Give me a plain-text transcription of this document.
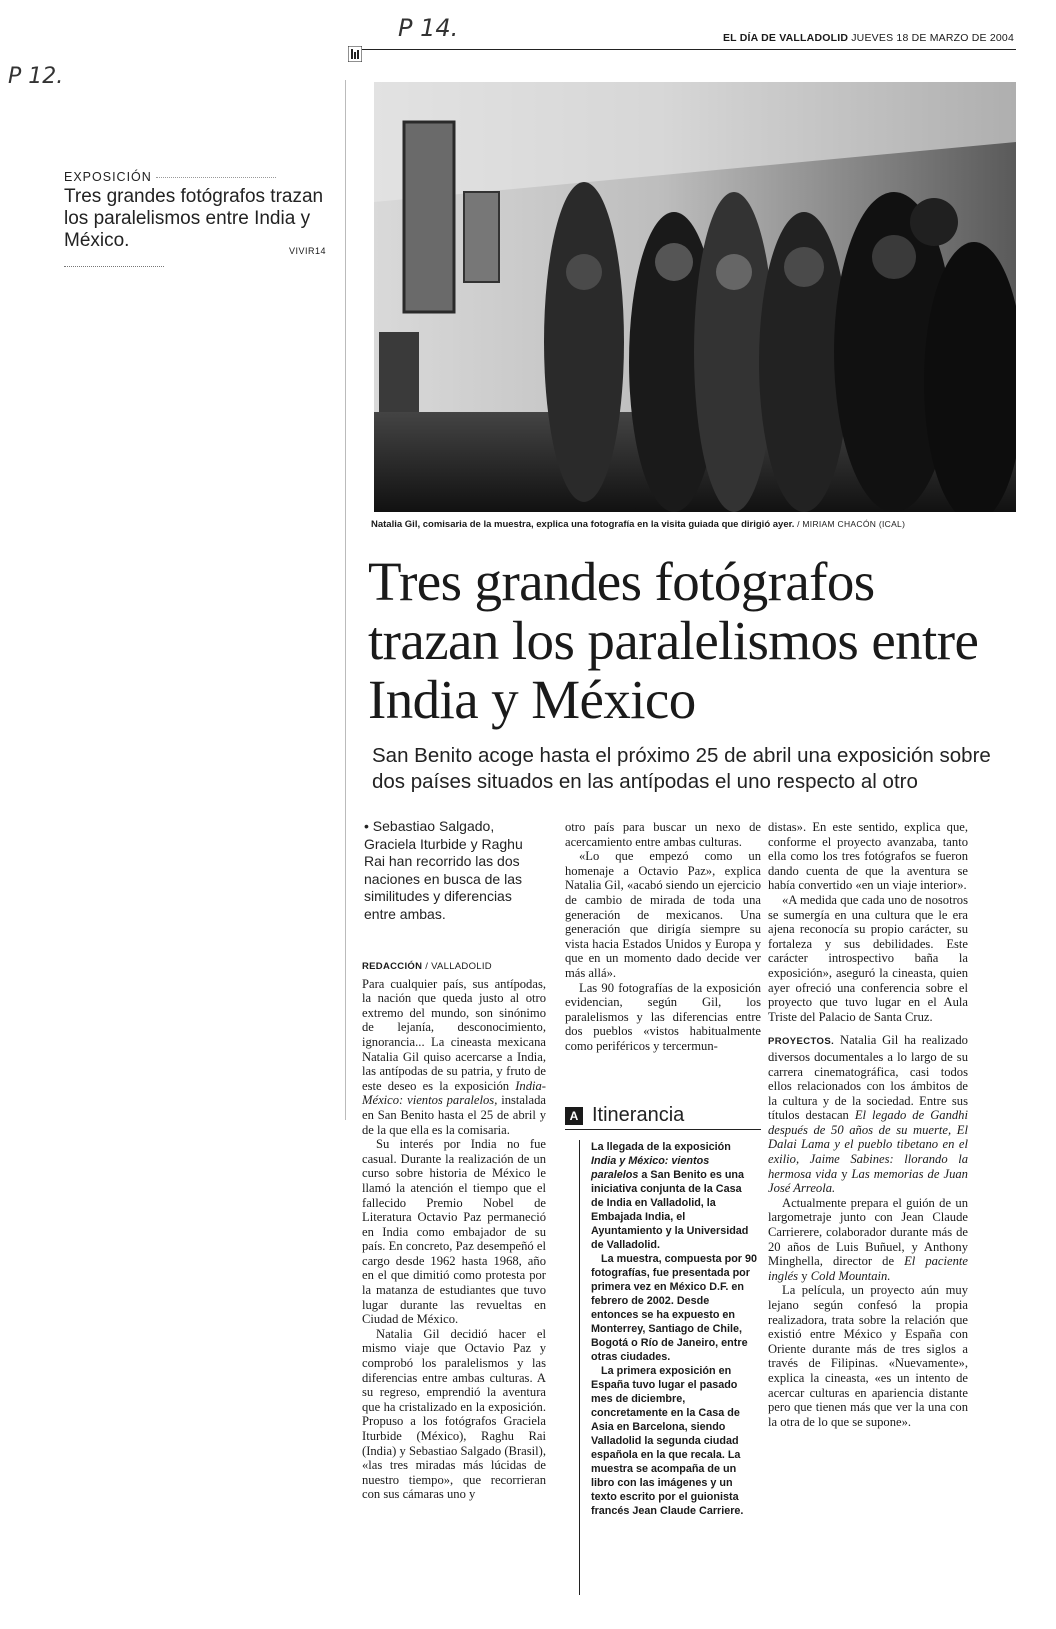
P 14.
P 12.
EL DÍA DE VALLADOLID JUEVES 18 DE MARZO DE 2004
EXPOSICIÓN
Tres grandes fotógrafos trazan los paralelismos entre India y México.	VIVIR14
Natalia Gil, comisaria de la muestra, explica una fotografía en la visita guiada que dirigió ayer. / MIRIAM CHACÓN (ICAL)
Tres grandes fotógrafos trazan los paralelismos entre India y México
San Benito acoge hasta el próximo 25 de abril una exposición sobre dos países situados en las antípodas el uno respecto al otro
• Sebastiao Salgado, Graciela Iturbide y Raghu Rai han recorrido las dos naciones en busca de las similitudes y diferencias entre ambas.
REDACCIÓN / VALLADOLID

Para cualquier país, sus antípodas, la nación que queda justo al otro extremo del mundo, son sinónimo de lejanía, desconocimiento, ignorancia... La cineasta mexicana Natalia Gil quiso acercarse a India, las antípodas de su patria, y fruto de este deseo es la exposición India-México: vientos paralelos, instalada en San Benito hasta el 25 de abril y de la que ella es la comisaria.

Su interés por India no fue casual. Durante la realización de un curso sobre historia de México le llamó la atención el tiempo que el fallecido Premio Nobel de Literatura Octavio Paz permaneció en India como embajador de su país. En concreto, Paz desempeñó el cargo desde 1962 hasta 1968, año en el que dimitió como protesta por la matanza de estudiantes que tuvo lugar durante las revueltas en Ciudad de México.

Natalia Gil decidió hacer el mismo viaje que Octavio Paz y comprobó los paralelismos y las diferencias entre ambas culturas. A su regreso, emprendió la aventura que ha cristalizado en la exposición. Propuso a los fotógrafos Graciela Iturbide (México), Raghu Rai (India) y Sebastiao Salgado (Brasil), «las tres miradas más lúcidas de nuestro tiempo», que recorrieran con sus cámaras uno y

otro país para buscar un nexo de acercamiento entre ambas culturas.

«Lo que empezó como un homenaje a Octavio Paz», explica Natalia Gil, «acabó siendo un ejercicio de cambio de mirada de toda una generación de mexicanos. Una generación que dirigía siempre su vista hacia Estados Unidos y Europa y que en un momento dado decide ver más allá».

Las 90 fotografías de la exposición evidencian, según Gil, los paralelismos y las diferencias entre dos pueblos «vistos habitualmente como periféricos y tercermun-

A Itinerancia

La llegada de la exposición India y México: vientos paralelos a San Benito es una iniciativa conjunta de la Casa de India en Valladolid, la Embajada India, el Ayuntamiento y la Universidad de Valladolid.

La muestra, compuesta por 90 fotografías, fue presentada por primera vez en México D.F. en febrero de 2002. Desde entonces se ha expuesto en Monterrey, Santiago de Chile, Bogotá o Río de Janeiro, entre otras ciudades.

La primera exposición en España tuvo lugar el pasado mes de diciembre, concretamente en la Casa de Asia en Barcelona, siendo Valladolid la segunda ciudad española en la que recala. La muestra se acompaña de un libro con las imágenes y un texto escrito por el guionista francés Jean Claude Carriere.

distas». En este sentido, explica que, conforme el proyecto avanzaba, tanto ella como los tres fotógrafos se fueron dando cuenta de que la aventura se había convertido «en un viaje interior».

«A medida que cada uno de nosotros se sumergía en una cultura que le era ajena reconocía su propio carácter, su fortaleza y sus debilidades. Este carácter introspectivo baña la exposición», aseguró la cineasta, quien ayer ofreció una conferencia sobre el proyecto que tuvo lugar en el Aula Triste del Palacio de Santa Cruz.

PROYECTOS. Natalia Gil ha realizado diversos documentales a lo largo de su carrera cinematográfica, casi todos ellos relacionados con los ámbitos de la cultura y de la sociedad. Entre sus títulos destacan El legado de Gandhi después de 50 años de su muerte, El Dalai Lama y el pueblo tibetano en el exilio, Jaime Sabines: llorando la hermosa vida y Las memorias de Juan José Arreola.

Actualmente prepara el guión de un largometraje junto con Jean Claude Carrierere, colaborador durante más de 20 años de Luis Buñuel, y Anthony Minghella, director de El paciente inglés y Cold Mountain.

La película, un proyecto aún muy lejano según confesó la propia realizadora, trata sobre la relación que existió entre México y España con Oriente durante más de tres siglos a través de Filipinas. «Nuevamente», explica la cineasta, «es un intento de acercar culturas en apariencia distante pero que tienen más que ver la una con la otra de lo que se supone».
